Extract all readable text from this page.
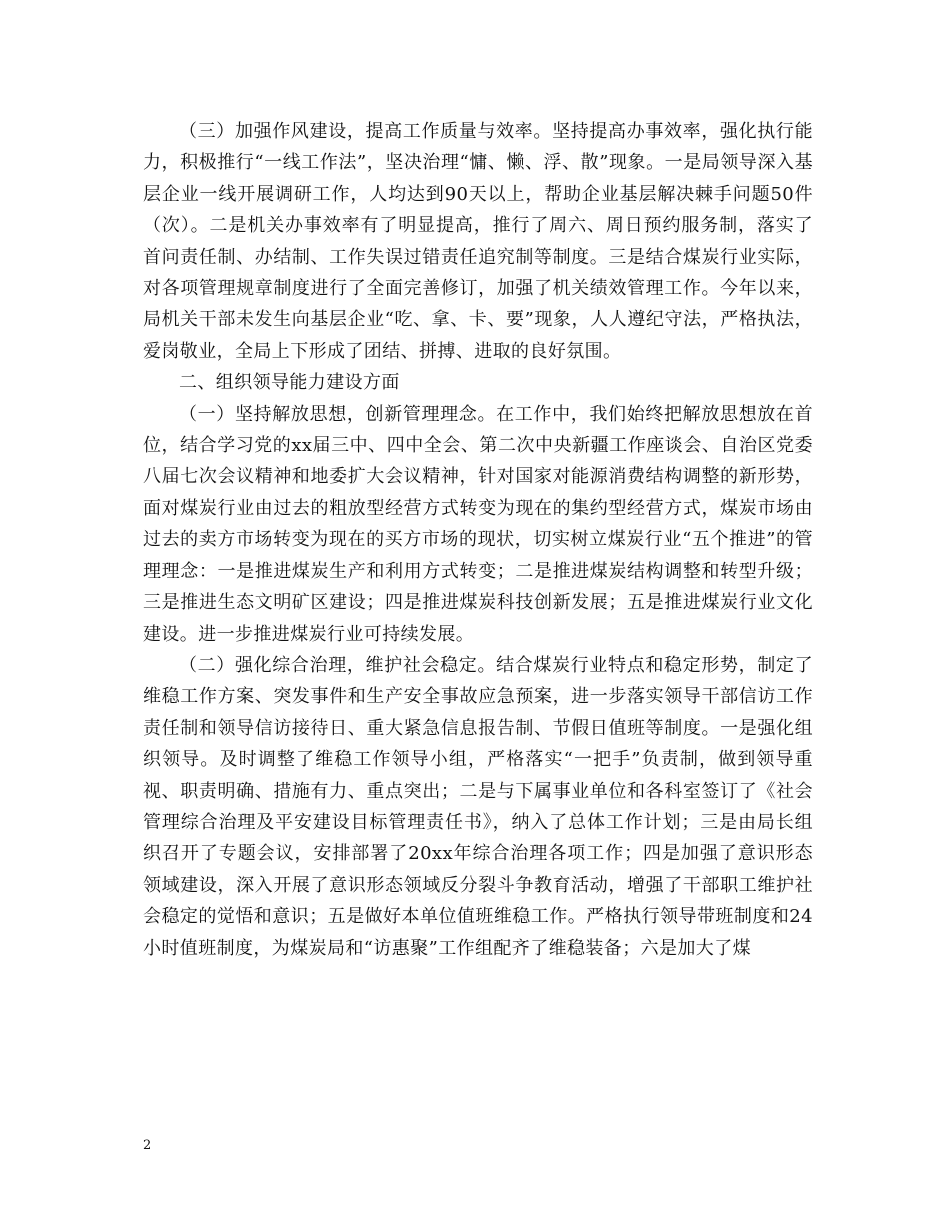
（三）加强作风建设，提高工作质量与效率。坚持提高办事效率，强化执行能力，积极推行“一线工作法”，坚决治理“慵、懒、浮、散”现象。一是局领导深入基层企业一线开展调研工作，人均达到90天以上，帮助企业基层解决棘手问题50件（次）。二是机关办事效率有了明显提高，推行了周六、周日预约服务制，落实了首问责任制、办结制、工作失误过错责任追究制等制度。三是结合煤炭行业实际，对各项管理规章制度进行了全面完善修订，加强了机关绩效管理工作。今年以来，局机关干部未发生向基层企业“吃、拿、卡、要”现象，人人遵纪守法，严格执法，爱岗敬业，全局上下形成了团结、拼搏、进取的良好氛围。

二、组织领导能力建设方面

（一）坚持解放思想，创新管理理念。在工作中，我们始终把解放思想放在首位，结合学习党的xx届三中、四中全会、第二次中央新疆工作座谈会、自治区党委八届七次会议精神和地委扩大会议精神，针对国家对能源消费结构调整的新形势，面对煤炭行业由过去的粗放型经营方式转变为现在的集约型经营方式，煤炭市场由过去的卖方市场转变为现在的买方市场的现状，切实树立煤炭行业“五个推进”的管理理念：一是推进煤炭生产和利用方式转变；二是推进煤炭结构调整和转型升级；三是推进生态文明矿区建设；四是推进煤炭科技创新发展；五是推进煤炭行业文化建设。进一步推进煤炭行业可持续发展。

（二）强化综合治理，维护社会稳定。结合煤炭行业特点和稳定形势，制定了维稳工作方案、突发事件和生产安全事故应急预案，进一步落实领导干部信访工作责任制和领导信访接待日、重大紧急信息报告制、节假日值班等制度。一是强化组织领导。及时调整了维稳工作领导小组，严格落实“一把手”负责制，做到领导重视、职责明确、措施有力、重点突出；二是与下属事业单位和各科室签订了《社会管理综合治理及平安建设目标管理责任书》，纳入了总体工作计划；三是由局长组织召开了专题会议，安排部署了20xx年综合治理各项工作；四是加强了意识形态领域建设，深入开展了意识形态领域反分裂斗争教育活动，增强了干部职工维护社会稳定的觉悟和意识；五是做好本单位值班维稳工作。严格执行领导带班制度和24小时值班制度，为煤炭局和“访惠聚”工作组配齐了维稳装备；六是加大了煤

2
